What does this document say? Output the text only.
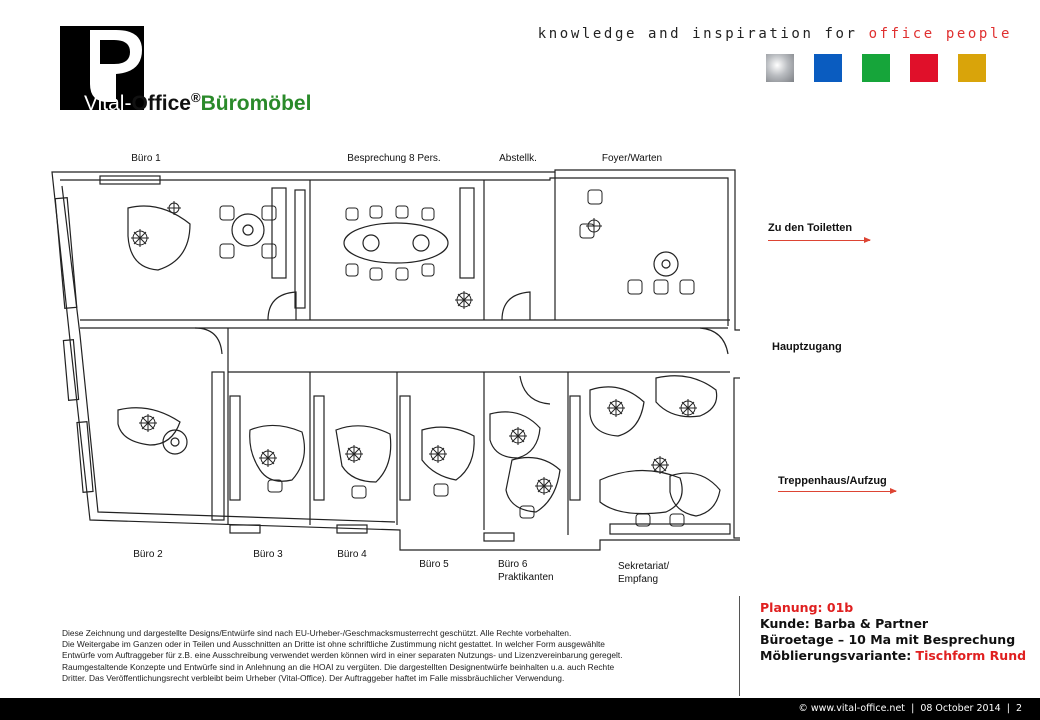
Vital-Office®Büromöbel
knowledge and inspiration for office people
Büro 1	Besprechung 8 Pers.	Abstellk.	Foyer/Warten
Büro 2	Büro 3	Büro 4
Büro 5	Büro 6
Praktikanten
Sekretariat/
Empfang
Zu den Toiletten
Hauptzugang
Treppenhaus/Aufzug
Planung: 01b
Kunde: Barba & Partner
Büroetage – 10 Ma mit Besprechung
Möblierungsvariante: Tischform Rund
Diese Zeichnung und dargestellte Designs/Entwürfe sind nach EU-Urheber-/Geschmacksmusterrecht geschützt. Alle Rechte vorbehalten.
Die Weitergabe im Ganzen oder in Teilen und Ausschnitten an Dritte ist ohne schriftliche Zustimmung nicht gestattet. In welcher Form ausgewählte
Entwürfe vom Auftraggeber für z.B. eine Ausschreibung verwendet werden können wird in einer separaten Nutzungs- und Lizenzvereinbarung geregelt.
Raumgestaltende Konzepte und Entwürfe sind in Anlehnung an die HOAI zu vergüten. Die dargestellten Designentwürfe beinhalten u.a. auch Rechte
Dritter. Das Veröffentlichungsrecht verbleibt beim Urheber (Vital-Office). Der Auftraggeber haftet im Falle missbräuchlicher Verwendung.
© www.vital-office.net | 08 October 2014 | 2
